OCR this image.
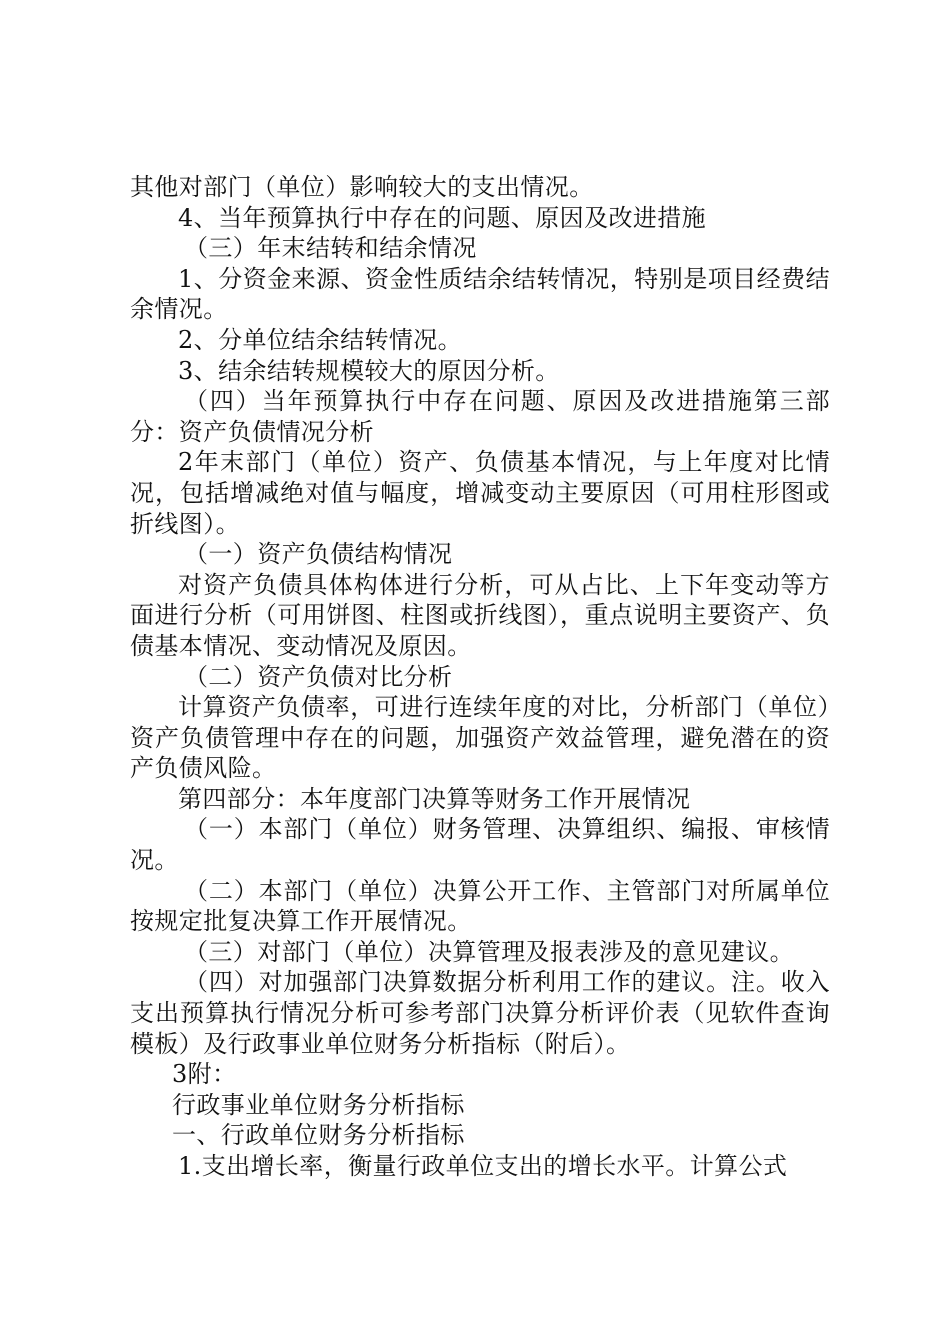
其他对部门（单位）影响较大的支出情况。

4、当年预算执行中存在的问题、原因及改进措施

（三）年末结转和结余情况

1、分资金来源、资金性质结余结转情况，特别是项目经费结余情况。

2、分单位结余结转情况。

3、结余结转规模较大的原因分析。

（四）当年预算执行中存在问题、原因及改进措施第三部分：资产负债情况分析

2年末部门（单位）资产、负债基本情况，与上年度对比情况，包括增减绝对值与幅度，增减变动主要原因（可用柱形图或折线图）。

（一）资产负债结构情况

对资产负债具体构体进行分析，可从占比、上下年变动等方面进行分析（可用饼图、柱图或折线图），重点说明主要资产、负债基本情况、变动情况及原因。

（二）资产负债对比分析

计算资产负债率，可进行连续年度的对比，分析部门（单位）资产负债管理中存在的问题，加强资产效益管理，避免潜在的资产负债风险。

第四部分：本年度部门决算等财务工作开展情况

（一）本部门（单位）财务管理、决算组织、编报、审核情况。

（二）本部门（单位）决算公开工作、主管部门对所属单位按规定批复决算工作开展情况。

（三）对部门（单位）决算管理及报表涉及的意见建议。

（四）对加强部门决算数据分析利用工作的建议。注。收入支出预算执行情况分析可参考部门决算分析评价表（见软件查询模板）及行政事业单位财务分析指标（附后）。

3附：

行政事业单位财务分析指标

一、行政单位财务分析指标

1.支出增长率，衡量行政单位支出的增长水平。计算公式
